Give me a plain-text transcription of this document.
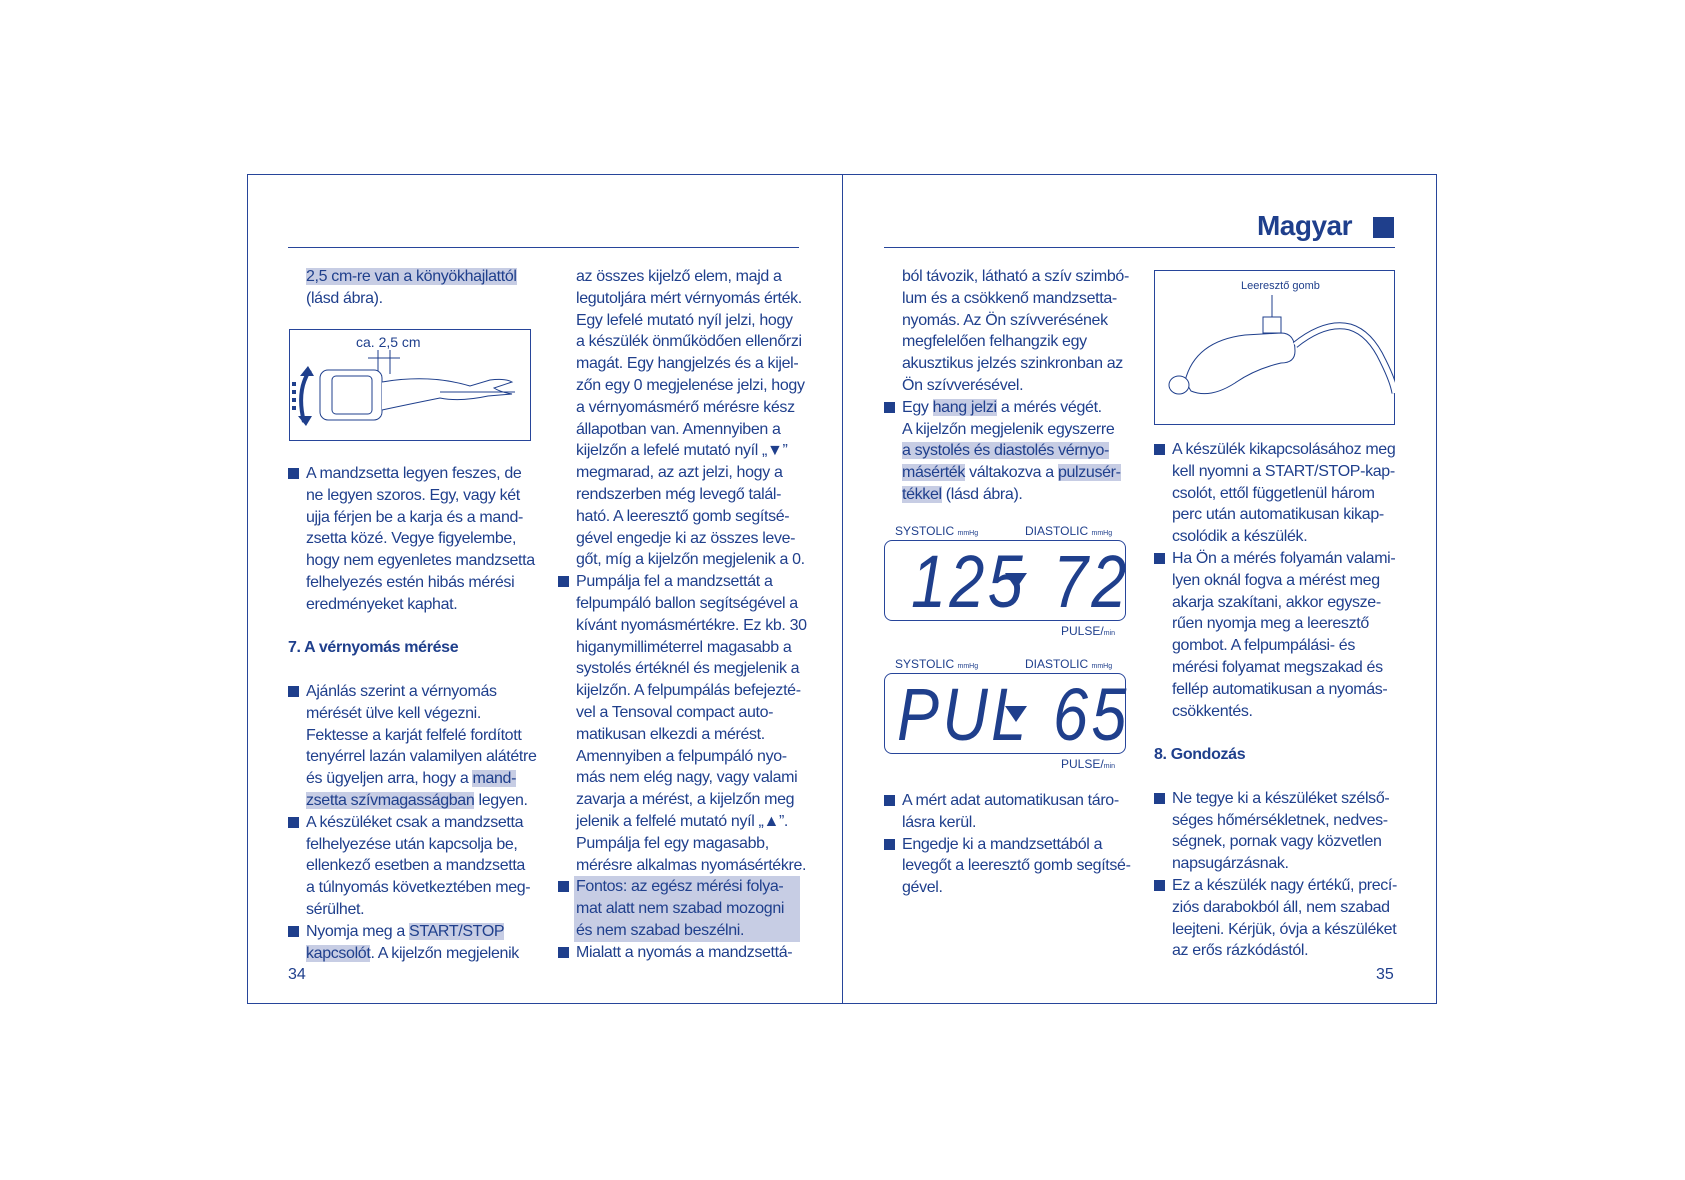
Magyar

2,5 cm-re van a könyökhajlattól

(lásd ábra).

ca. 2,5 cm

A mandzsetta legyen feszes, de

ne legyen szoros. Egy, vagy két

ujja férjen be a karja és a mand-

zsetta közé. Vegye figyelembe,

hogy nem egyenletes mandzsetta

felhelyezés estén hibás mérési

eredményeket kaphat.

7. A vérnyomás mérése

Ajánlás szerint a vérnyomás

mérését ülve kell végezni.

Fektesse a karját felfelé fordított

tenyérrel lazán valamilyen alátétre

és ügyeljen arra, hogy a mand-

zsetta szívmagasságban legyen.

A készüléket csak a mandzsetta

felhelyezése után kapcsolja be,

ellenkező esetben a mandzsetta

a túlnyomás következtében meg-

sérülhet.

Nyomja meg a START/STOP

kapcsolót. A kijelzőn megjelenik

az összes kijelző elem, majd a

legutoljára mért vérnyomás érték.

Egy lefelé mutató nyíl jelzi, hogy

a készülék önműködően ellenőrzi

magát. Egy hangjelzés és a kijel-

zőn egy 0 megjelenése jelzi, hogy

a vérnyomásmérő mérésre kész

állapotban van. Amennyiben a

kijelzőn a lefelé mutató nyíl „▼”

megmarad, az azt jelzi, hogy a

rendszerben még levegő talál-

ható. A leeresztő gomb segítsé-

gével engedje ki az összes leve-

gőt, míg a kijelzőn megjelenik a 0.

Pumpálja fel a mandzsettát a

felpumpáló ballon segítségével a

kívánt nyomásmértékre. Ez kb. 30

higanymilliméterrel magasabb a

systolés értéknél és megjelenik a

kijelzőn. A felpumpálás befejezté-

vel a Tensoval compact auto-

matikusan elkezdi a mérést.

Amennyiben a felpumpáló nyo-

más nem elég nagy, vagy valami

zavarja a mérést, a kijelzőn meg

jelenik a felfelé mutató nyíl „▲”.

Pumpálja fel egy magasabb,

mérésre alkalmas nyomásértékre.

Fontos: az egész mérési folya-

mat alatt nem szabad mozogni

és nem szabad beszélni.

Mialatt a nyomás a mandzsettá-

ból távozik, látható a szív szimbó-

lum és a csökkenő mandzsetta-

nyomás. Az Ön szívverésének

megfelelően felhangzik egy

akusztikus jelzés szinkronban az

Ön szívverésével.

Egy hang jelzi a mérés végét.

A kijelzőn megjelenik egyszerre

a systolés és diastolés vérnyo-

másérték váltakozva a pulzusér-

tékkel (lásd ábra).

SYSTOLIC mmHg	DIASTOLIC mmHg
125 72
PULSE/min
SYSTOLIC mmHg	DIASTOLIC mmHg
PUL 65
PULSE/min

A mért adat automatikusan táro-

lásra kerül.

Engedje ki a mandzsettából a

levegőt a leeresztő gomb segítsé-

gével.

Leeresztő gomb

A készülék kikapcsolásához meg

kell nyomni a START/STOP-kap-

csolót, ettől függetlenül három

perc után automatikusan kikap-

csolódik a készülék.

Ha Ön a mérés folyamán valami-

lyen oknál fogva a mérést meg

akarja szakítani, akkor egysze-

rűen nyomja meg a leeresztő

gombot. A felpumpálási- és

mérési folyamat megszakad és

fellép automatikusan a nyomás-

csökkentés.

8. Gondozás

Ne tegye ki a készüléket szélső-

séges hőmérsékletnek, nedves-

ségnek, pornak vagy közvetlen

napsugárzásnak.

Ez a készülék nagy értékű, precí-

ziós darabokból áll, nem szabad

leejteni. Kérjük, óvja a készüléket

az erős rázkódástól.

34	35
